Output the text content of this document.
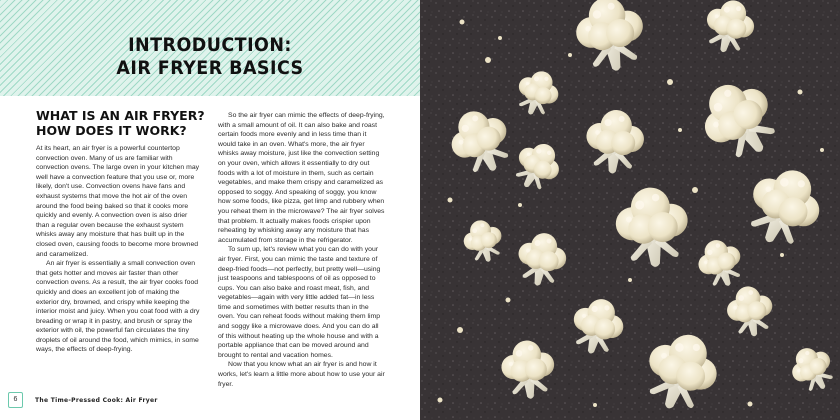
INTRODUCTION:
AIR FRYER BASICS
WHAT IS AN AIR FRYER?
HOW DOES IT WORK?

At its heart, an air fryer is a powerful countertop convection oven. Many of us are familiar with convection ovens. The large oven in your kitchen may well have a convection feature that you use or, more likely, don't use. Convection ovens have fans and exhaust systems that move the hot air of the oven around the food being baked so that it cooks more quickly and evenly. A convection oven is also drier than a regular oven because the exhaust system whisks away any moisture that has built up in the closed oven, causing foods to become more browned and caramelized.

An air fryer is essentially a small convection oven that gets hotter and moves air faster than other convection ovens. As a result, the air fryer cooks food quickly and does an excellent job of making the exterior dry, browned, and crispy while keeping the interior moist and juicy. When you coat food with a dry breading or wrap it in pastry, and brush or spray the exterior with oil, the powerful fan circulates the tiny droplets of oil around the food, which mimics, in some ways, the effects of deep-frying.

So the air fryer can mimic the effects of deep-frying, with a small amount of oil. It can also bake and roast certain foods more evenly and in less time than it would take in an oven. What's more, the air fryer whisks away moisture, just like the convection setting on your oven, which allows it essentially to dry out foods with a lot of moisture in them, such as certain vegetables, and make them crispy and caramelized as opposed to soggy. And speaking of soggy, you know how some foods, like pizza, get limp and rubbery when you reheat them in the microwave? The air fryer solves that problem. It actually makes foods crispier upon reheating by whisking away any moisture that has accumulated from storage in the refrigerator.

To sum up, let's review what you can do with your air fryer. First, you can mimic the taste and texture of deep-fried foods—not perfectly, but pretty well—using just teaspoons and tablespoons of oil as opposed to cups. You can also bake and roast meat, fish, and vegetables—again with very little added fat—in less time and sometimes with better results than in the oven. You can reheat foods without making them limp and soggy like a microwave does. And you can do all of this without heating up the whole house and with a portable appliance that can be moved around and brought to rental and vacation homes.

Now that you know what an air fryer is and how it works, let's learn a little more about how to use your air fryer.

6	The Time-Pressed Cook: Air Fryer
